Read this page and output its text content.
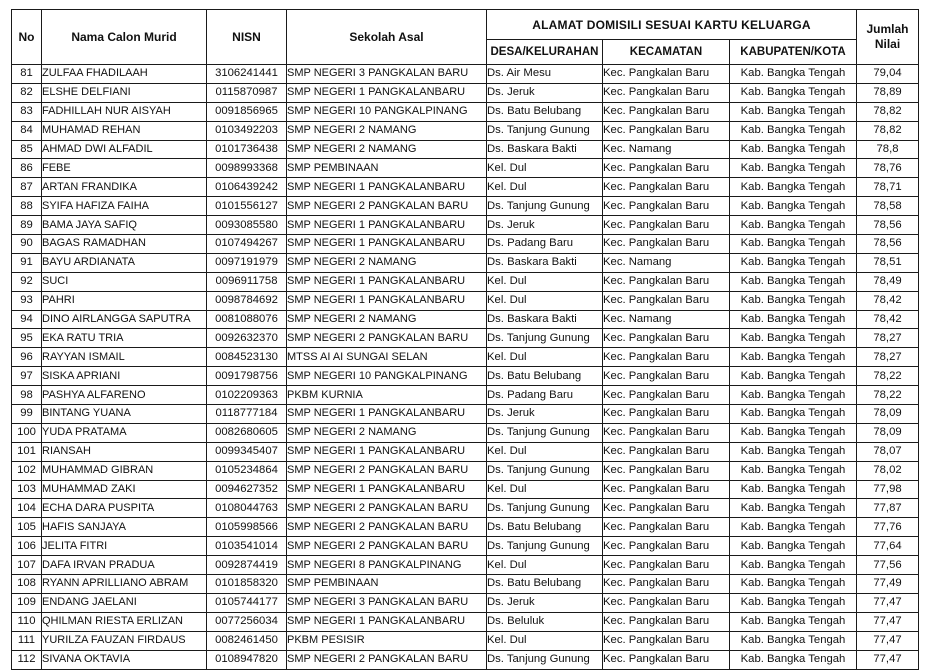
No	Nama Calon Murid	NISN	Sekolah Asal	ALAMAT DOMISILI SESUAI KARTU KELUARGA			Jumlah
Nilai
				DESA/KELURAHAN	KECAMATAN	KABUPATEN/KOTA	
81	ZULFAA FHADILAAH	3106241441	SMP NEGERI 3 PANGKALAN BARU	Ds. Air Mesu	Kec. Pangkalan Baru	Kab. Bangka Tengah	79,04
82	ELSHE DELFIANI	0115870987	SMP NEGERI 1 PANGKALANBARU	Ds. Jeruk	Kec. Pangkalan Baru	Kab. Bangka Tengah	78,89
83	FADHILLAH NUR AISYAH	0091856965	SMP NEGERI 10 PANGKALPINANG	Ds. Batu Belubang	Kec. Pangkalan Baru	Kab. Bangka Tengah	78,82
84	MUHAMAD REHAN	0103492203	SMP NEGERI 2 NAMANG	Ds. Tanjung Gunung	Kec. Pangkalan Baru	Kab. Bangka Tengah	78,82
85	AHMAD DWI ALFADIL	0101736438	SMP NEGERI 2 NAMANG	Ds. Baskara Bakti	Kec. Namang	Kab. Bangka Tengah	78,8
86	FEBE	0098993368	SMP PEMBINAAN	Kel. Dul	Kec. Pangkalan Baru	Kab. Bangka Tengah	78,76
87	ARTAN FRANDIKA	0106439242	SMP NEGERI 1 PANGKALANBARU	Kel. Dul	Kec. Pangkalan Baru	Kab. Bangka Tengah	78,71
88	SYIFA HAFIZA FAIHA	0101556127	SMP NEGERI 2 PANGKALAN BARU	Ds. Tanjung Gunung	Kec. Pangkalan Baru	Kab. Bangka Tengah	78,58
89	BAMA JAYA SAFIQ	0093085580	SMP NEGERI 1 PANGKALANBARU	Ds. Jeruk	Kec. Pangkalan Baru	Kab. Bangka Tengah	78,56
90	BAGAS RAMADHAN	0107494267	SMP NEGERI 1 PANGKALANBARU	Ds. Padang Baru	Kec. Pangkalan Baru	Kab. Bangka Tengah	78,56
91	BAYU ARDIANATA	0097191979	SMP NEGERI 2 NAMANG	Ds. Baskara Bakti	Kec. Namang	Kab. Bangka Tengah	78,51
92	SUCI	0096911758	SMP NEGERI 1 PANGKALANBARU	Kel. Dul	Kec. Pangkalan Baru	Kab. Bangka Tengah	78,49
93	PAHRI	0098784692	SMP NEGERI 1 PANGKALANBARU	Kel. Dul	Kec. Pangkalan Baru	Kab. Bangka Tengah	78,42
94	DINO AIRLANGGA SAPUTRA	0081088076	SMP NEGERI 2 NAMANG	Ds. Baskara Bakti	Kec. Namang	Kab. Bangka Tengah	78,42
95	EKA RATU TRIA	0092632370	SMP NEGERI 2 PANGKALAN BARU	Ds. Tanjung Gunung	Kec. Pangkalan Baru	Kab. Bangka Tengah	78,27
96	RAYYAN ISMAIL	0084523130	MTSS AI AI SUNGAI SELAN	Kel. Dul	Kec. Pangkalan Baru	Kab. Bangka Tengah	78,27
97	SISKA APRIANI	0091798756	SMP NEGERI 10 PANGKALPINANG	Ds. Batu Belubang	Kec. Pangkalan Baru	Kab. Bangka Tengah	78,22
98	PASHYA ALFARENO	0102209363	PKBM KURNIA	Ds. Padang Baru	Kec. Pangkalan Baru	Kab. Bangka Tengah	78,22
99	BINTANG YUANA	0118777184	SMP NEGERI 1 PANGKALANBARU	Ds. Jeruk	Kec. Pangkalan Baru	Kab. Bangka Tengah	78,09
100	YUDA PRATAMA	0082680605	SMP NEGERI 2 NAMANG	Ds. Tanjung Gunung	Kec. Pangkalan Baru	Kab. Bangka Tengah	78,09
101	RIANSAH	0099345407	SMP NEGERI 1 PANGKALANBARU	Kel. Dul	Kec. Pangkalan Baru	Kab. Bangka Tengah	78,07
102	MUHAMMAD GIBRAN	0105234864	SMP NEGERI 2 PANGKALAN BARU	Ds. Tanjung Gunung	Kec. Pangkalan Baru	Kab. Bangka Tengah	78,02
103	MUHAMMAD ZAKI	0094627352	SMP NEGERI 1 PANGKALANBARU	Kel. Dul	Kec. Pangkalan Baru	Kab. Bangka Tengah	77,98
104	ECHA DARA PUSPITA	0108044763	SMP NEGERI 2 PANGKALAN BARU	Ds. Tanjung Gunung	Kec. Pangkalan Baru	Kab. Bangka Tengah	77,87
105	HAFIS SANJAYA	0105998566	SMP NEGERI 2 PANGKALAN BARU	Ds. Batu Belubang	Kec. Pangkalan Baru	Kab. Bangka Tengah	77,76
106	JELITA FITRI	0103541014	SMP NEGERI 2 PANGKALAN BARU	Ds. Tanjung Gunung	Kec. Pangkalan Baru	Kab. Bangka Tengah	77,64
107	DAFA IRVAN PRADUA	0092874419	SMP NEGERI 8 PANGKALPINANG	Kel. Dul	Kec. Pangkalan Baru	Kab. Bangka Tengah	77,56
108	RYANN APRILLIANO ABRAM	0101858320	SMP PEMBINAAN	Ds. Batu Belubang	Kec. Pangkalan Baru	Kab. Bangka Tengah	77,49
109	ENDANG JAELANI	0105744177	SMP NEGERI 3 PANGKALAN BARU	Ds. Jeruk	Kec. Pangkalan Baru	Kab. Bangka Tengah	77,47
110	QHILMAN RIESTA ERLIZAN	0077256034	SMP NEGERI 1 PANGKALANBARU	Ds. Beluluk	Kec. Pangkalan Baru	Kab. Bangka Tengah	77,47
111	YURILZA FAUZAN FIRDAUS	0082461450	PKBM PESISIR	Kel. Dul	Kec. Pangkalan Baru	Kab. Bangka Tengah	77,47
112	SIVANA OKTAVIA	0108947820	SMP NEGERI 2 PANGKALAN BARU	Ds. Tanjung Gunung	Kec. Pangkalan Baru	Kab. Bangka Tengah	77,47
